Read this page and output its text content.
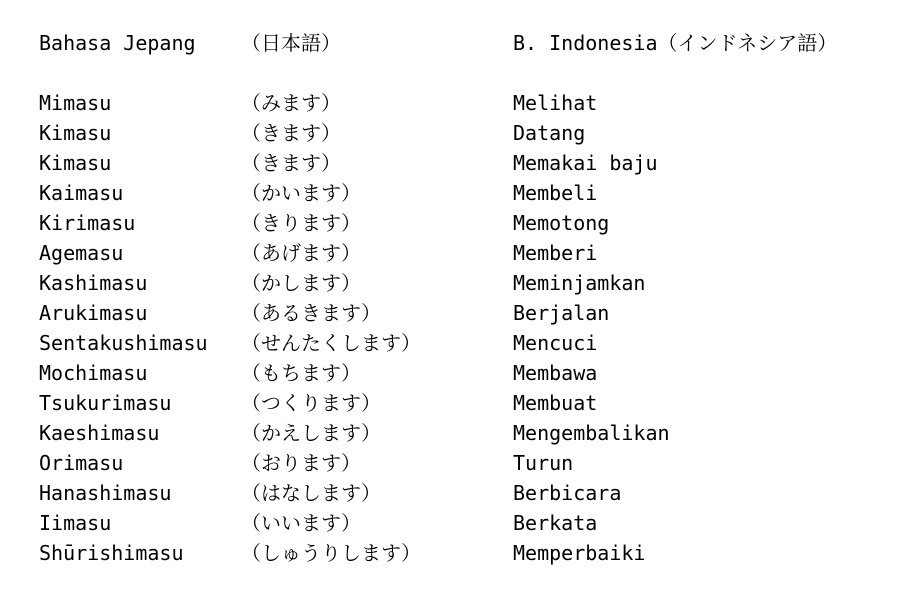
Bahasa Jepang （日本語）	B. Indonesia（インドネシア語）
Mimasu	（みます）	Melihat
Kimasu	（きます）	Datang
Kimasu	（きます）	Memakai baju
Kaimasu	（かいます）	Membeli
Kirimasu	（きります）	Memotong
Agemasu	（あげます）	Memberi
Kashimasu	（かします）	Meminjamkan
Arukimasu	（あるきます）	Berjalan
Sentakushimasu （せんたくします）	Mencuci
Mochimasu	（もちます）	Membawa
Tsukurimasu	（つくります）	Membuat
Kaeshimasu	（かえします）	Mengembalikan
Orimasu	（おります）	Turun
Hanashimasu	（はなします）	Berbicara
Iimasu	（いいます）	Berkata
Shūrishimasu	（しゅうりします）	Memperbaiki
